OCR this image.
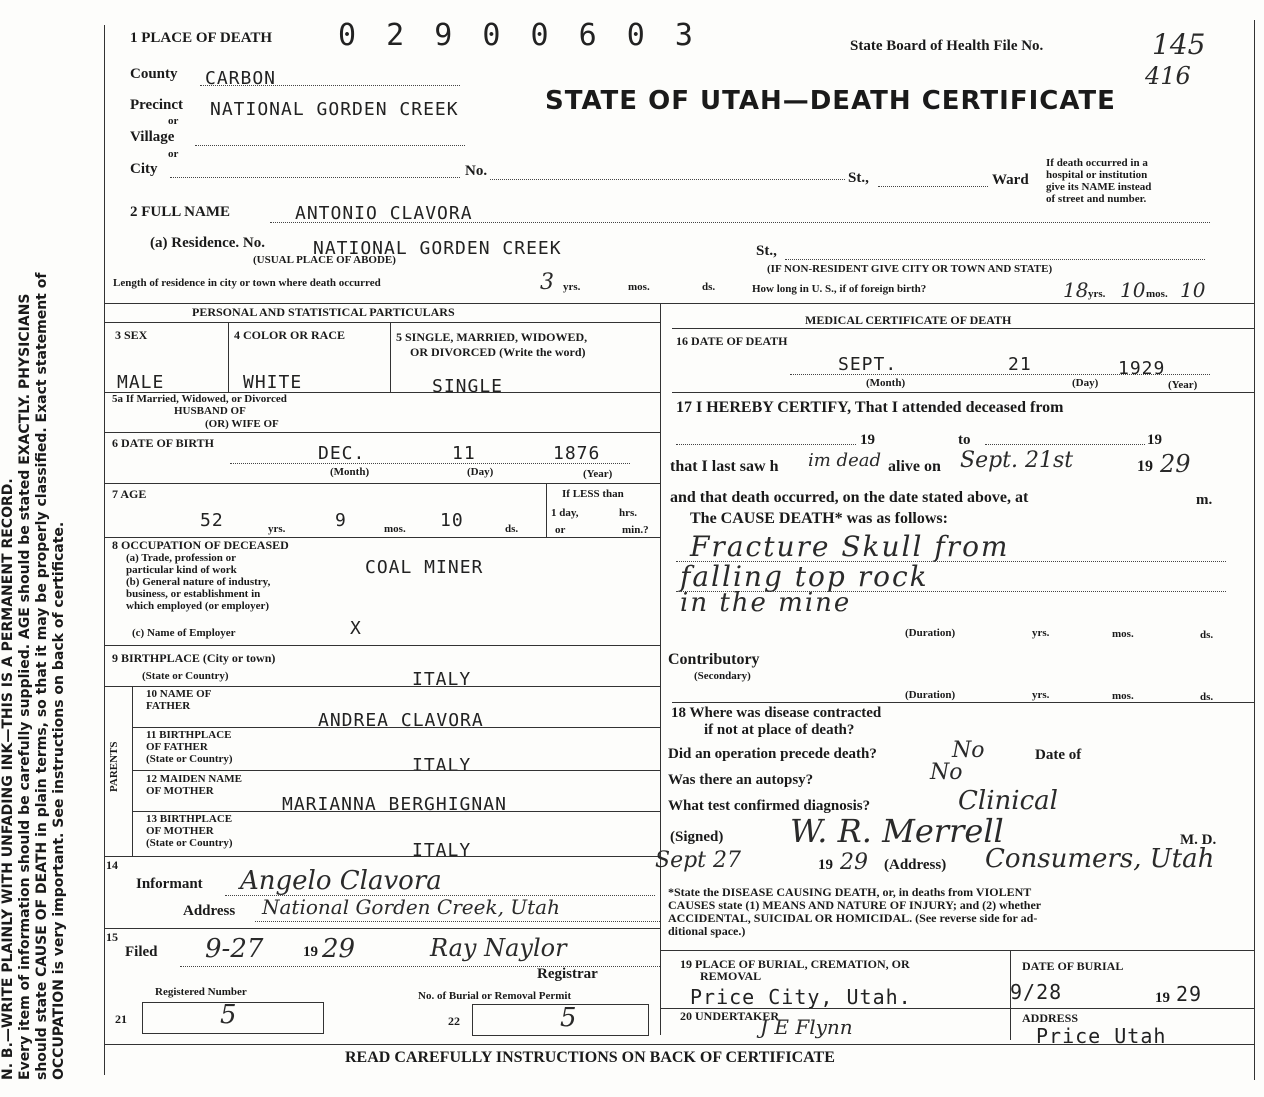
N. B.—WRITE PLAINLY WITH UNFADING INK—THIS IS A PERMANENT RECORD. Every item of information should be carefully supplied. AGE should be stated EXACTLY. PHYSICIANS should state CAUSE OF DEATH in plain terms, so that it may be properly classified. Exact statement of OCCUPATION is very important. See instructions on back of certificate.
1 PLACE OF DEATH 0 2 9 0 0 6 0 3	State Board of Health File No.	145
416
STATE OF UTAH—DEATH CERTIFICATE
County CARBON
Precinct NATIONAL GORDEN CREEK
or
Village
or
City	No.	St.,	Ward
If death occurred in a
hospital or institution
give its NAME instead
of street and number.
2 FULL NAME	ANTONIO CLAVORA
(a) Residence. No.	NATIONAL GORDEN CREEK
(USUAL PLACE OF ABODE)
St.,
(IF NON-RESIDENT GIVE CITY OR TOWN AND STATE)
Length of residence in city or town where death occurred	3 yrs.	mos.	ds.	How long in U. S., if of foreign birth?	18 yrs. 10 mos. 10
PERSONAL AND STATISTICAL PARTICULARS
MEDICAL CERTIFICATE OF DEATH
3 SEX
MALE
4 COLOR OR RACE
WHITE
5 SINGLE, MARRIED, WIDOWED,
OR DIVORCED (Write the word)
SINGLE
5a If Married, Widowed, or Divorced
HUSBAND OF
(OR) WIFE OF
6 DATE OF BIRTH	DEC.	11	1876
(Month)	(Day)	(Year)
7 AGE
52	yrs.	9	mos. 10	ds.
If LESS than
1 day,	hrs.
or	min.?
8 OCCUPATION OF DECEASED
(a) Trade, profession or
particular kind of work
(b) General nature of industry,
business, or establishment in
which employed (or employer)
COAL MINER
(c) Name of Employer	X
9 BIRTHPLACE (City or town)
(State or Country)	ITALY
PARENTS
10 NAME OF
FATHER
ANDREA CLAVORA
11 BIRTHPLACE
OF FATHER
(State or Country)	ITALY
12 MAIDEN NAME
OF MOTHER
MARIANNA BERGHIGNAN
13 BIRTHPLACE
OF MOTHER
(State or Country)	ITALY
14
Informant Angelo Clavora
Address National Gorden Creek, Utah
15
Filed 9-27	19 29	Ray Naylor
Registrar
Registered Number	No. of Burial or Removal Permit
21	5	22	5
16 DATE OF DEATH
SEPT.	21	1929
(Month)	(Day)	(Year)
17 I HEREBY CERTIFY, That I attended deceased from
19	to	19
that I last saw h im dead alive on Sept. 21st	19 29
and that death occurred, on the date stated above, at	m.
The CAUSE DEATH* was as follows:
Fracture Skull from
falling top rock
in the mine
(Duration)	yrs.	mos.	ds.
Contributory
(Secondary)
(Duration)	yrs.	mos.	ds.
18 Where was disease contracted
if not at place of death?
Did an operation precede death?	No	Date of
Was there an autopsy?	No
What test confirmed diagnosis?	Clinical
(Signed) W. R. Merrell	M. D.
Sept 27	19 29 (Address) Consumers, Utah
*State the DISEASE CAUSING DEATH, or, in deaths from VIOLENT
CAUSES state (1) MEANS AND NATURE OF INJURY; and (2) whether
ACCIDENTAL, SUICIDAL OR HOMICIDAL. (See reverse side for ad-
ditional space.)
19 PLACE OF BURIAL, CREMATION, OR
REMOVAL
Price City, Utah.
DATE OF BURIAL
9/28	19 29
20 UNDERTAKER
J E Flynn	ADDRESS
Price Utah
READ CAREFULLY INSTRUCTIONS ON BACK OF CERTIFICATE
